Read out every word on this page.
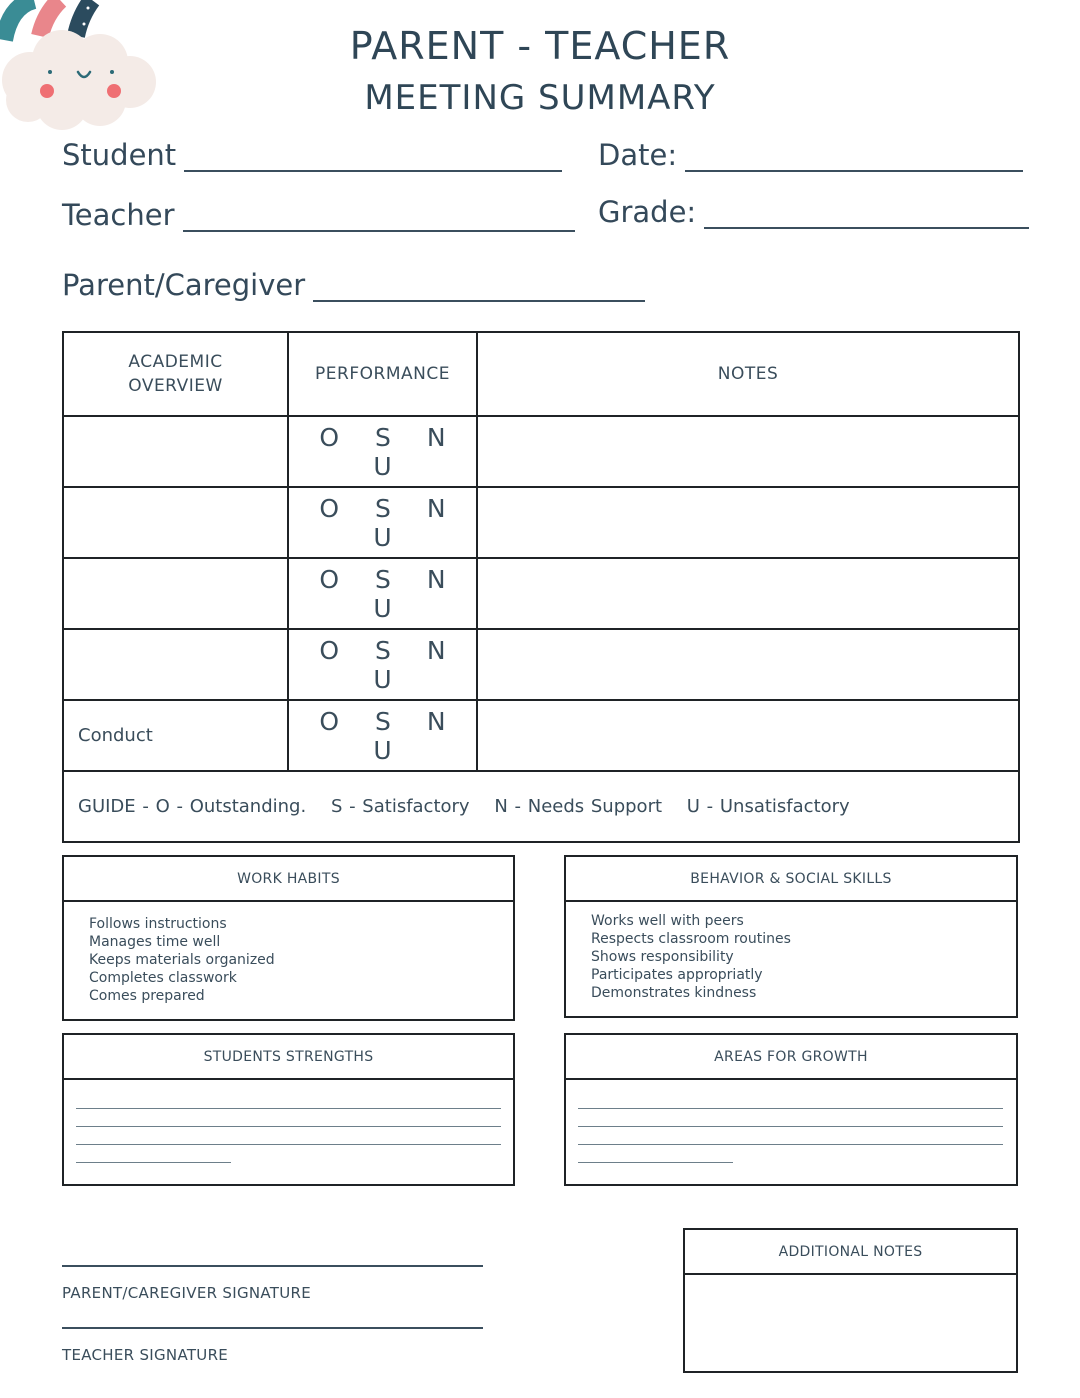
PARENT - TEACHER
MEETING SUMMARY
Student	Date:
Teacher	Grade:
Parent/Caregiver
ACADEMIC OVERVIEW	PERFORMANCE	NOTES
	O S N U	
	O S N U	
	O S N U	
	O S N U	
Conduct	O S N U	
GUIDE - O - Outstanding. S - Satisfactory N - Needs Support U - Unsatisfactory		
WORK HABITS
Follows instructions
Manages time well
Keeps materials organized
Completes classwork
Comes prepared
BEHAVIOR & SOCIAL SKILLS
Works well with peers
Respects classroom routines
Shows responsibility
Participates appropriatly
Demonstrates kindness
STUDENTS STRENGTHS	AREAS FOR GROWTH
ADDITIONAL NOTES
PARENT/CAREGIVER SIGNATURE
TEACHER SIGNATURE
